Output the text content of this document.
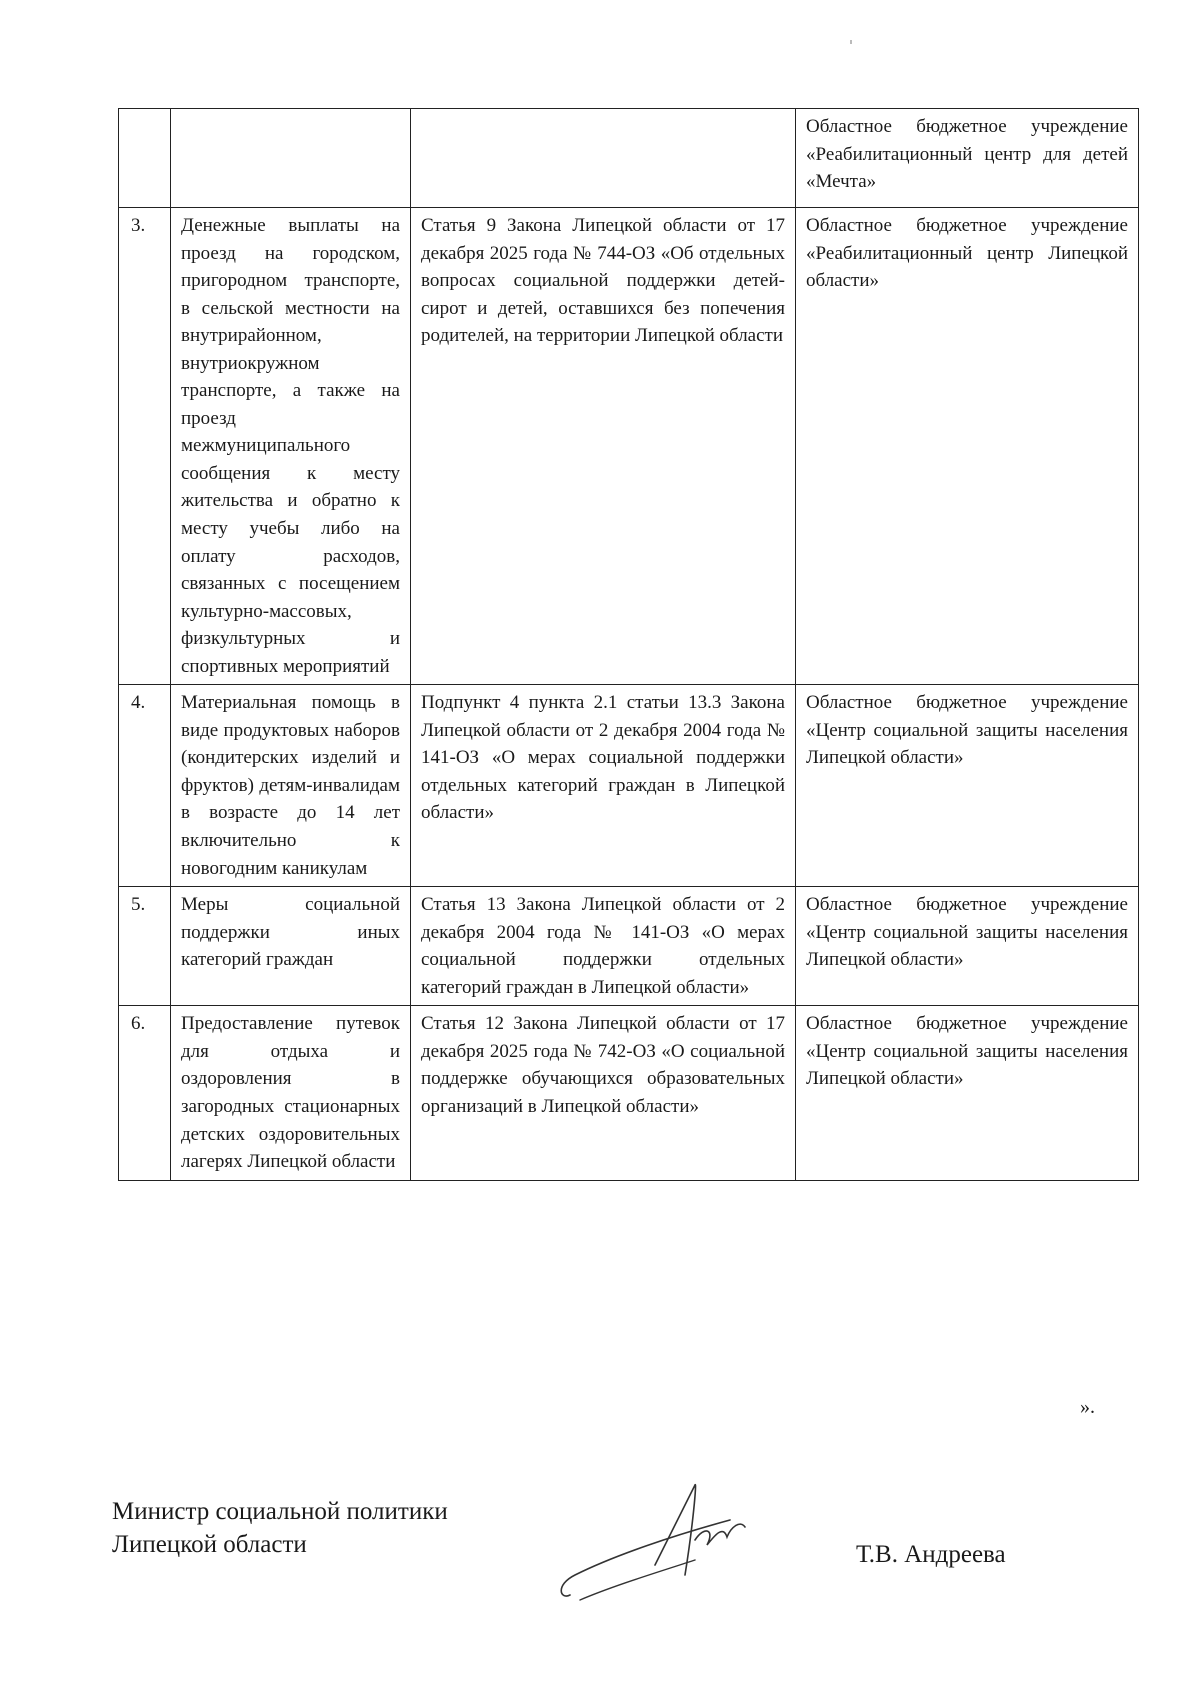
			Областное бюджетное учреждение «Реабилитационный центр для детей «Мечта»
3.	Денежные выплаты на проезд на городском, пригородном транспорте, в сельской местности на внутрирайонном, внутриокружном транспорте, а также на проезд межмуниципального сообщения к месту жительства и обратно к месту учебы либо на оплату расходов, связанных с посещением культурно-массовых, физкультурных и спортивных мероприятий	Статья 9 Закона Липецкой области от 17 декабря 2025 года № 744-ОЗ «Об отдельных вопросах социальной поддержки детей-сирот и детей, оставшихся без попечения родителей, на территории Липецкой области	Областное бюджетное учреждение «Реабилитационный центр Липецкой области»
4.	Материальная помощь в виде продуктовых наборов (кондитерских изделий и фруктов) детям-инвалидам в возрасте до 14 лет включительно к новогодним каникулам	Подпункт 4 пункта 2.1 статьи 13.3 Закона Липецкой области от 2 декабря 2004 года № 141-ОЗ «О мерах социальной поддержки отдельных категорий граждан в Липецкой области»	Областное бюджетное учреждение «Центр социальной защиты населения Липецкой области»
5.	Меры социальной поддержки иных категорий граждан	Статья 13 Закона Липецкой области от 2 декабря 2004 года № 141-ОЗ «О мерах социальной поддержки отдельных категорий граждан в Липецкой области»	Областное бюджетное учреждение «Центр социальной защиты населения Липецкой области»
6.	Предоставление путевок для отдыха и оздоровления в загородных стационарных детских оздоровительных лагерях Липецкой области	Статья 12 Закона Липецкой области от 17 декабря 2025 года № 742-ОЗ «О социальной поддержке обучающихся образовательных организаций в Липецкой области»	Областное бюджетное учреждение «Центр социальной защиты населения Липецкой области»
».
Министр социальной политики
Липецкой области	Т.В. Андреева
